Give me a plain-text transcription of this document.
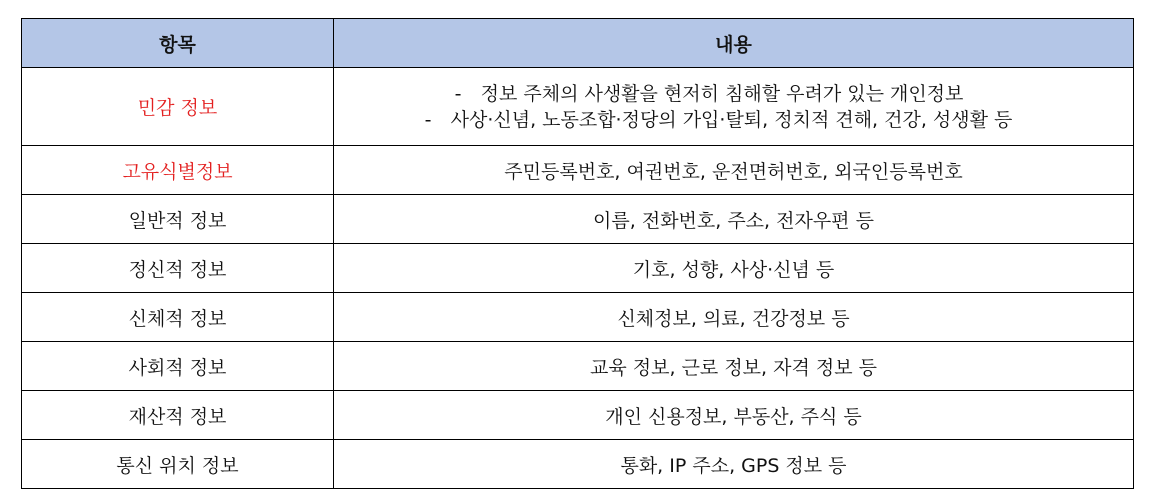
항목	내용
민감 정보	- 정보 주체의 사생활을 현저히 침해할 우려가 있는 개인정보
- 사상·신념, 노동조합·정당의 가입·탈퇴, 정치적 견해, 건강, 성생활 등

고유식별정보	주민등록번호, 여권번호, 운전면허번호, 외국인등록번호
일반적 정보	이름, 전화번호, 주소, 전자우편 등
정신적 정보	기호, 성향, 사상·신념 등
신체적 정보	신체정보, 의료, 건강정보 등
사회적 정보	교육 정보, 근로 정보, 자격 정보 등
재산적 정보	개인 신용정보, 부동산, 주식 등
통신 위치 정보	통화, IP 주소, GPS 정보 등
